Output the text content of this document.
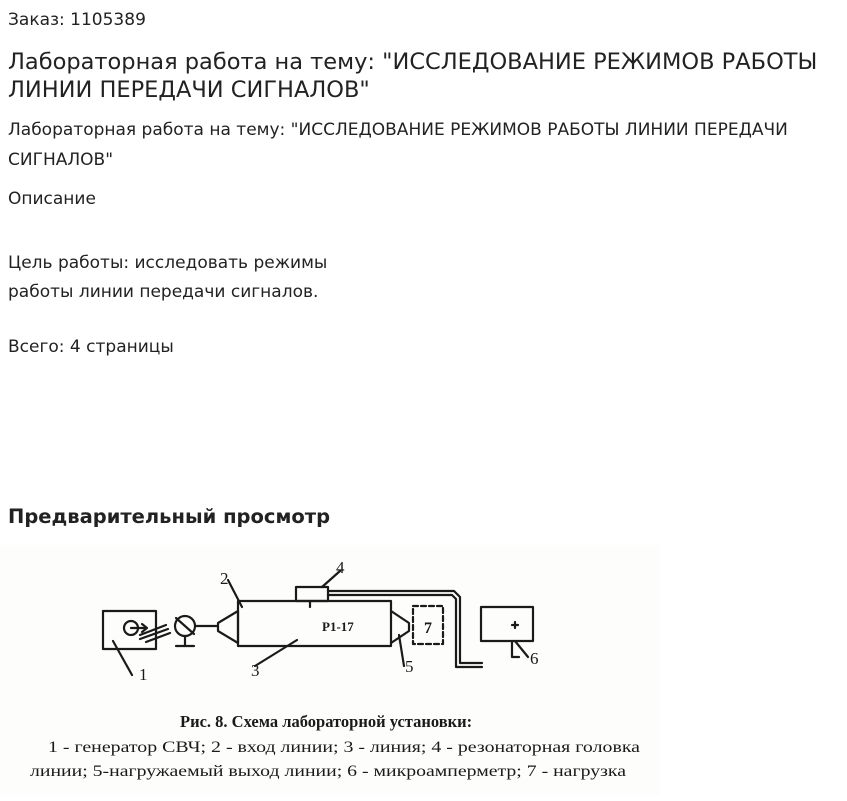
Заказ: 1105389
Лабораторная работа на тему: "ИССЛЕДОВАНИЕ РЕЖИМОВ РАБОТЫ ЛИНИИ ПЕРЕДАЧИ СИГНАЛОВ"
Лабораторная работа на тему: "ИССЛЕДОВАНИЕ РЕЖИМОВ РАБОТЫ ЛИНИИ ПЕРЕДАЧИ СИГНАЛОВ"
Описание
Цель работы: исследовать режимы
работы линии передачи сигналов.
Всего: 4 страницы
Предварительный просмотр
P1-17	7
1
2
3
4
5	6
Рис. 8. Схема лабораторной установки:
1 - генератор СВЧ; 2 - вход линии; 3 - линия; 4 - резонаторная головка
линии; 5-нагружаемый выход линии; 6 - микроамперметр; 7 - нагрузка
